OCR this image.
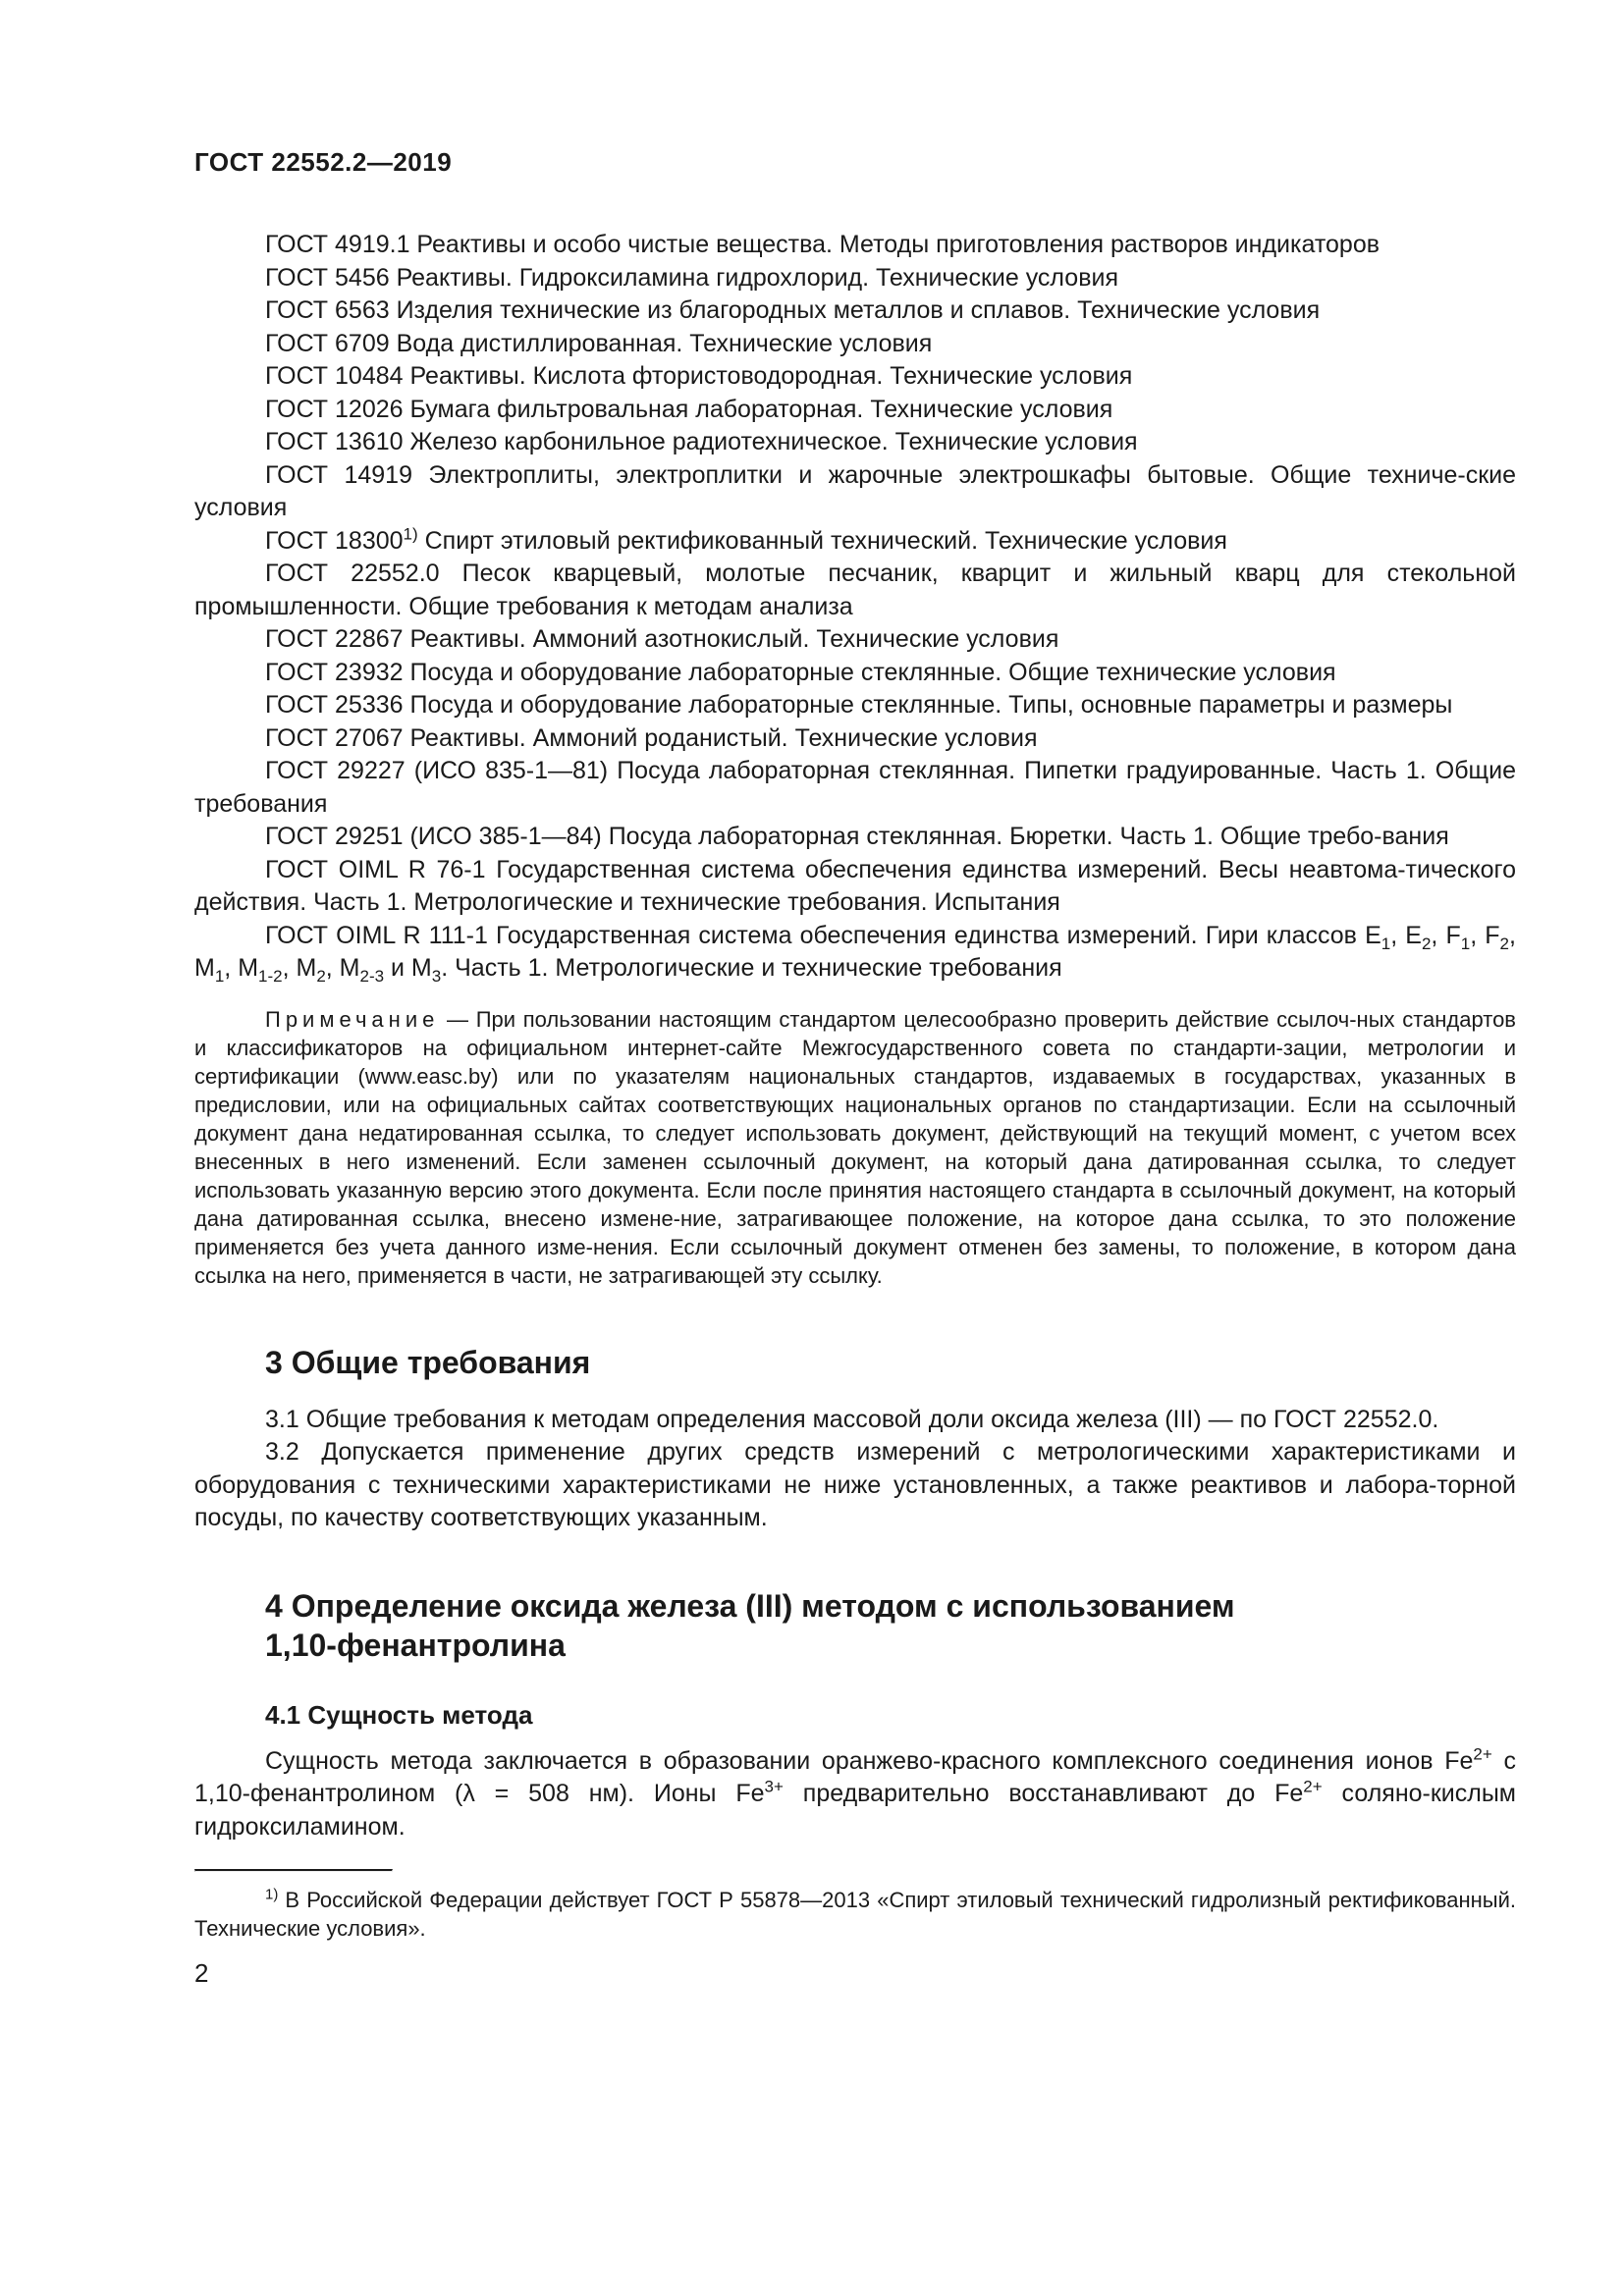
ГОСТ 22552.2—2019

ГОСТ 4919.1 Реактивы и особо чистые вещества. Методы приготовления растворов индикаторов

ГОСТ 5456 Реактивы. Гидроксиламина гидрохлорид. Технические условия

ГОСТ 6563 Изделия технические из благородных металлов и сплавов. Технические условия

ГОСТ 6709 Вода дистиллированная. Технические условия

ГОСТ 10484 Реактивы. Кислота фтористоводородная. Технические условия

ГОСТ 12026 Бумага фильтровальная лабораторная. Технические условия

ГОСТ 13610 Железо карбонильное радиотехническое. Технические условия

ГОСТ 14919 Электроплиты, электроплитки и жарочные электрошкафы бытовые. Общие техниче-ские условия

ГОСТ 18300$^{1)}$ Спирт этиловый ректификованный технический. Технические условия

ГОСТ 22552.0 Песок кварцевый, молотые песчаник, кварцит и жильный кварц для стекольной промышленности. Общие требования к методам анализа

ГОСТ 22867 Реактивы. Аммоний азотнокислый. Технические условия

ГОСТ 23932 Посуда и оборудование лабораторные стеклянные. Общие технические условия

ГОСТ 25336 Посуда и оборудование лабораторные стеклянные. Типы, основные параметры и размеры

ГОСТ 27067 Реактивы. Аммоний роданистый. Технические условия

ГОСТ 29227 (ИСО 835-1—81) Посуда лабораторная стеклянная. Пипетки градуированные. Часть 1. Общие требования

ГОСТ 29251 (ИСО 385-1—84) Посуда лабораторная стеклянная. Бюретки. Часть 1. Общие требо-вания

ГОСТ OIML R 76-1 Государственная система обеспечения единства измерений. Весы неавтома-тического действия. Часть 1. Метрологические и технические требования. Испытания

ГОСТ OIML R 111-1 Государственная система обеспечения единства измерений. Гири классов $E_1$, $E_2$, $F_1$, $F_2$, $M_1$, $M_{1-2}$, $M_2$, $M_{2-3}$ и $M_3$. Часть 1. Метрологические и технические требования

Примечание — При пользовании настоящим стандартом целесообразно проверить действие ссылоч-ных стандартов и классификаторов на официальном интернет-сайте Межгосударственного совета по стандарти-зации, метрологии и сертификации (www.easc.by) или по указателям национальных стандартов, издаваемых в государствах, указанных в предисловии, или на официальных сайтах соответствующих национальных органов по стандартизации. Если на ссылочный документ дана недатированная ссылка, то следует использовать документ, действующий на текущий момент, с учетом всех внесенных в него изменений. Если заменен ссылочный документ, на который дана датированная ссылка, то следует использовать указанную версию этого документа. Если после принятия настоящего стандарта в ссылочный документ, на который дана датированная ссылка, внесено измене-ние, затрагивающее положение, на которое дана ссылка, то это положение применяется без учета данного изме-нения. Если ссылочный документ отменен без замены, то положение, в котором дана ссылка на него, применяется в части, не затрагивающей эту ссылку.

3 Общие требования

3.1 Общие требования к методам определения массовой доли оксида железа (III) — по ГОСТ 22552.0.

3.2 Допускается применение других средств измерений с метрологическими характеристиками и оборудования с техническими характеристиками не ниже установленных, а также реактивов и лабора-торной посуды, по качеству соответствующих указанным.

4 Определение оксида железа (III) методом с использованием
1,10-фенантролина
4.1 Сущность метода

Сущность метода заключается в образовании оранжево-красного комплексного соединения ионов $Fe^{2+}$ с 1,10-фенантролином (λ = 508 нм). Ионы $Fe^{3+}$ предварительно восстанавливают до $Fe^{2+}$ соляно-кислым гидроксиламином.

$^{1)}$ В Российской Федерации действует ГОСТ Р 55878—2013 «Спирт этиловый технический гидролизный ректификованный. Технические условия».

2
